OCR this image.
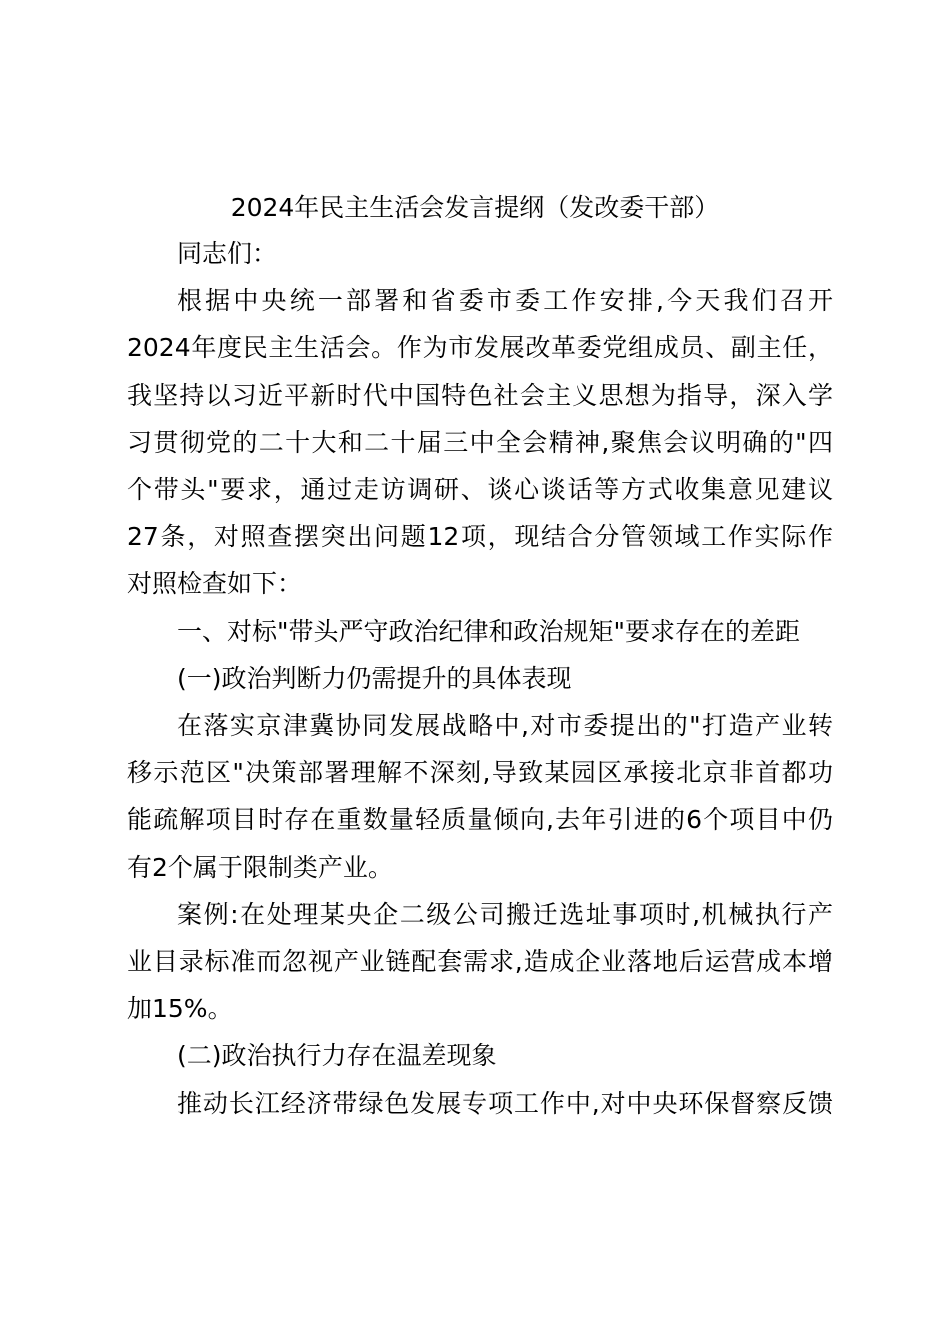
2024年民主生活会发言提纲（发改委干部）
同志们：
根据中央统一部署和省委市委工作安排,今天我们召开
2024年度民主生活会。作为市发展改革委党组成员、副主任，
我坚持以习近平新时代中国特色社会主义思想为指导，深入学
习贯彻党的二十大和二十届三中全会精神,聚焦会议明确的"四
个带头"要求，通过走访调研、谈心谈话等方式收集意见建议
27条，对照查摆突出问题12项，现结合分管领域工作实际作
对照检查如下：
一、对标"带头严守政治纪律和政治规矩"要求存在的差距
(一)政治判断力仍需提升的具体表现
在落实京津冀协同发展战略中,对市委提出的"打造产业转
移示范区"决策部署理解不深刻,导致某园区承接北京非首都功
能疏解项目时存在重数量轻质量倾向,去年引进的6个项目中仍
有2个属于限制类产业。
案例:在处理某央企二级公司搬迁选址事项时,机械执行产
业目录标准而忽视产业链配套需求,造成企业落地后运营成本增
加15%。
(二)政治执行力存在温差现象
推动长江经济带绿色发展专项工作中,对中央环保督察反馈
